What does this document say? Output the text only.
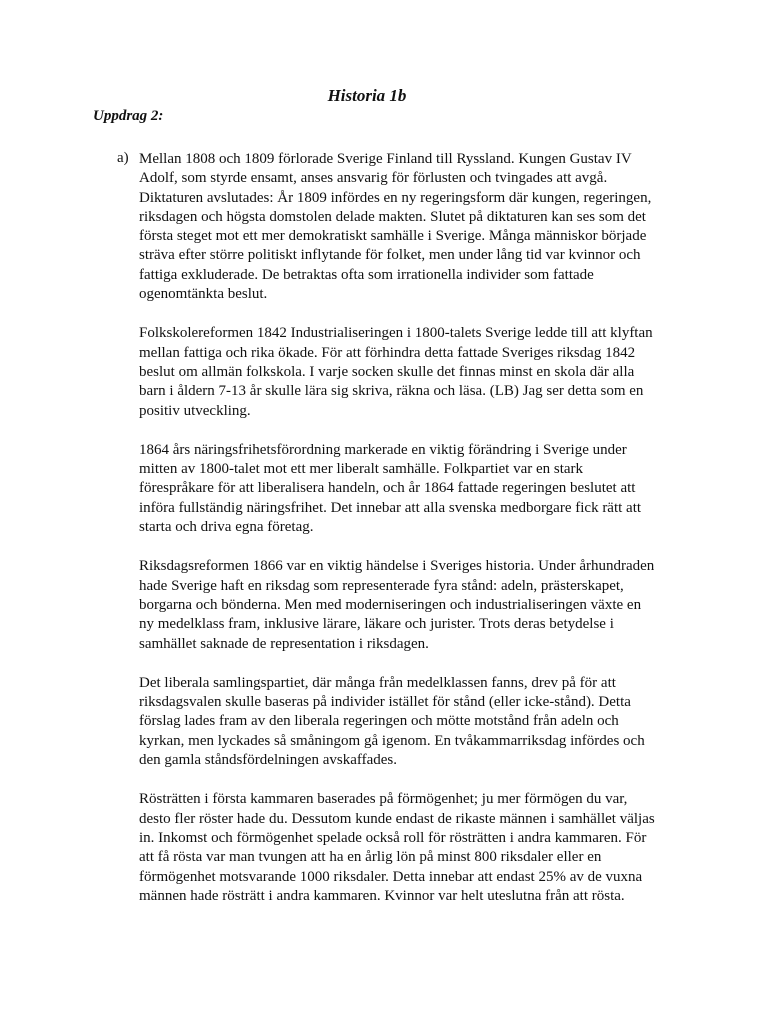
Historia 1b
Uppdrag 2:
a) Mellan 1808 och 1809 förlorade Sverige Finland till Ryssland. Kungen Gustav IV
Adolf, som styrde ensamt, anses ansvarig för förlusten och tvingades att avgå.
Diktaturen avslutades: År 1809 infördes en ny regeringsform där kungen, regeringen,
riksdagen och högsta domstolen delade makten. Slutet på diktaturen kan ses som det
första steget mot ett mer demokratiskt samhälle i Sverige. Många människor började
sträva efter större politiskt inflytande för folket, men under lång tid var kvinnor och
fattiga exkluderade. De betraktas ofta som irrationella individer som fattade
ogenomtänkta beslut.

Folkskolereformen 1842 Industrialiseringen i 1800-talets Sverige ledde till att klyftan
mellan fattiga och rika ökade. För att förhindra detta fattade Sveriges riksdag 1842
beslut om allmän folkskola. I varje socken skulle det finnas minst en skola där alla
barn i åldern 7-13 år skulle lära sig skriva, räkna och läsa. (LB) Jag ser detta som en
positiv utveckling.

1864 års näringsfrihetsförordning markerade en viktig förändring i Sverige under
mitten av 1800-talet mot ett mer liberalt samhälle. Folkpartiet var en stark
förespråkare för att liberalisera handeln, och år 1864 fattade regeringen beslutet att
införa fullständig näringsfrihet. Det innebar att alla svenska medborgare fick rätt att
starta och driva egna företag.

Riksdagsreformen 1866 var en viktig händelse i Sveriges historia. Under århundraden
hade Sverige haft en riksdag som representerade fyra stånd: adeln, prästerskapet,
borgarna och bönderna. Men med moderniseringen och industrialiseringen växte en
ny medelklass fram, inklusive lärare, läkare och jurister. Trots deras betydelse i
samhället saknade de representation i riksdagen.

Det liberala samlingspartiet, där många från medelklassen fanns, drev på för att
riksdagsvalen skulle baseras på individer istället för stånd (eller icke-stånd). Detta
förslag lades fram av den liberala regeringen och mötte motstånd från adeln och
kyrkan, men lyckades så småningom gå igenom. En tvåkammarriksdag infördes och
den gamla ståndsfördelningen avskaffades.

Rösträtten i första kammaren baserades på förmögenhet; ju mer förmögen du var,
desto fler röster hade du. Dessutom kunde endast de rikaste männen i samhället väljas
in. Inkomst och förmögenhet spelade också roll för rösträtten i andra kammaren. För
att få rösta var man tvungen att ha en årlig lön på minst 800 riksdaler eller en
förmögenhet motsvarande 1000 riksdaler. Detta innebar att endast 25% av de vuxna
männen hade rösträtt i andra kammaren. Kvinnor var helt uteslutna från att rösta.
